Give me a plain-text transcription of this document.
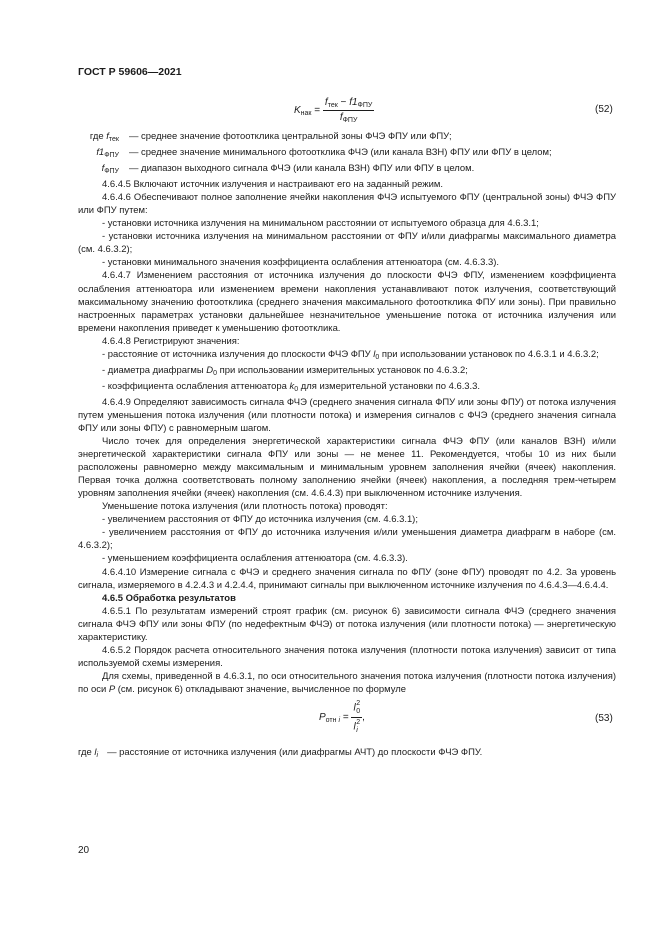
ГОСТ Р 59606—2021
$K_{нак} = \frac{f_{тек} - f1_{ФПУ}}{f_{ФПУ}}$	(52)
$P_{отн}$ $_i$ = l 2
0
l 2
i ,	(53)
где $f_{тек}$	— среднее значение фотоотклика центральной зоны ФЧЭ ФПУ или ФПУ;
$f1_{ФПУ}$	— среднее значение минимального фотоотклика ФЧЭ (или канала ВЗН) ФПУ или ФПУ в целом;
$f_{ФПУ}$	— диапазон выходного сигнала ФЧЭ (или канала ВЗН) ФПУ или ФПУ в целом.

4.6.4.5 Включают источник излучения и настраивают его на заданный режим.

4.6.4.6 Обеспечивают полное заполнение ячейки накопления ФЧЭ испытуемого ФПУ (центральной зоны) ФЧЭ ФПУ или ФПУ путем:

- установки источника излучения на минимальном расстоянии от испытуемого образца для 4.6.3.1;

- установки источника излучения на минимальном расстоянии от ФПУ и/или диафрагмы максимального диаметра (см. 4.6.3.2);

- установки минимального значения коэффициента ослабления аттенюатора (см. 4.6.3.3).

4.6.4.7 Изменением расстояния от источника излучения до плоскости ФЧЭ ФПУ, изменением коэффициента ослабления аттенюатора или изменением времени накопления устанавливают поток излучения, соответствующий максимальному значению фотоотклика (среднего значения максимального фотоотклика ФПУ или зоны). При правильно настроенных параметрах установки дальнейшее незначительное уменьшение потока от источника излучения или времени накопления приведет к уменьшению фотоотклика.

4.6.4.8 Регистрируют значения:

- расстояние от источника излучения до плоскости ФЧЭ ФПУ $l_0$ при использовании установок по 4.6.3.1 и 4.6.3.2;

- диаметра диафрагмы $D_0$ при использовании измерительных установок по 4.6.3.2;

- коэффициента ослабления аттенюатора $k_0$ для измерительной установки по 4.6.3.3.

4.6.4.9 Определяют зависимость сигнала ФЧЭ (среднего значения сигнала ФПУ или зоны ФПУ) от потока излучения путем уменьшения потока излучения (или плотности потока) и измерения сигналов с ФЧЭ (среднего значения сигнала ФПУ или зоны ФПУ) с равномерным шагом.

Число точек для определения энергетической характеристики сигнала ФЧЭ ФПУ (или каналов ВЗН) и/или энергетической характеристики сигнала ФПУ или зоны — не менее 11. Рекомендуется, чтобы 10 из них были расположены равномерно между максимальным и минимальным уровнем заполнения ячейки (ячеек) накопления. Первая точка должна соответствовать полному заполнению ячейки (ячеек) накопления, а последняя трем-четырем уровням заполнения ячейки (ячеек) накопления (см. 4.6.4.3) при выключенном источнике излучения.

Уменьшение потока излучения (или плотность потока) проводят:

- увеличением расстояния от ФПУ до источника излучения (см. 4.6.3.1);

- увеличением расстояния от ФПУ до источника излучения и/или уменьшения диаметра диафрагм в наборе (см. 4.6.3.2);

- уменьшением коэффициента ослабления аттенюатора (см. 4.6.3.3).

4.6.4.10 Измерение сигнала с ФЧЭ и среднего значения сигнала по ФПУ (зоне ФПУ) проводят по 4.2. За уровень сигнала, измеряемого в 4.2.4.3 и 4.2.4.4, принимают сигналы при выключенном источнике излучения по 4.6.4.3—4.6.4.4.

4.6.5 Обработка результатов

4.6.5.1 По результатам измерений строят график (см. рисунок 6) зависимости сигнала ФЧЭ (среднего значения сигнала ФЧЭ ФПУ или зоны ФПУ (по недефектным ФЧЭ) от потока излучения (или плотности потока) — энергетическую характеристику.

4.6.5.2 Порядок расчета относительного значения потока излучения (плотности потока излучения) зависит от типа используемой схемы измерения.

Для схемы, приведенной в 4.6.3.1, по оси относительного значения потока излучения (плотности потока излучения) по оси P (см. рисунок 6) откладывают значение, вычисленное по формуле

где $l_i$ — расстояние от источника излучения (или диафрагмы АЧТ) до плоскости ФЧЭ ФПУ.
20
